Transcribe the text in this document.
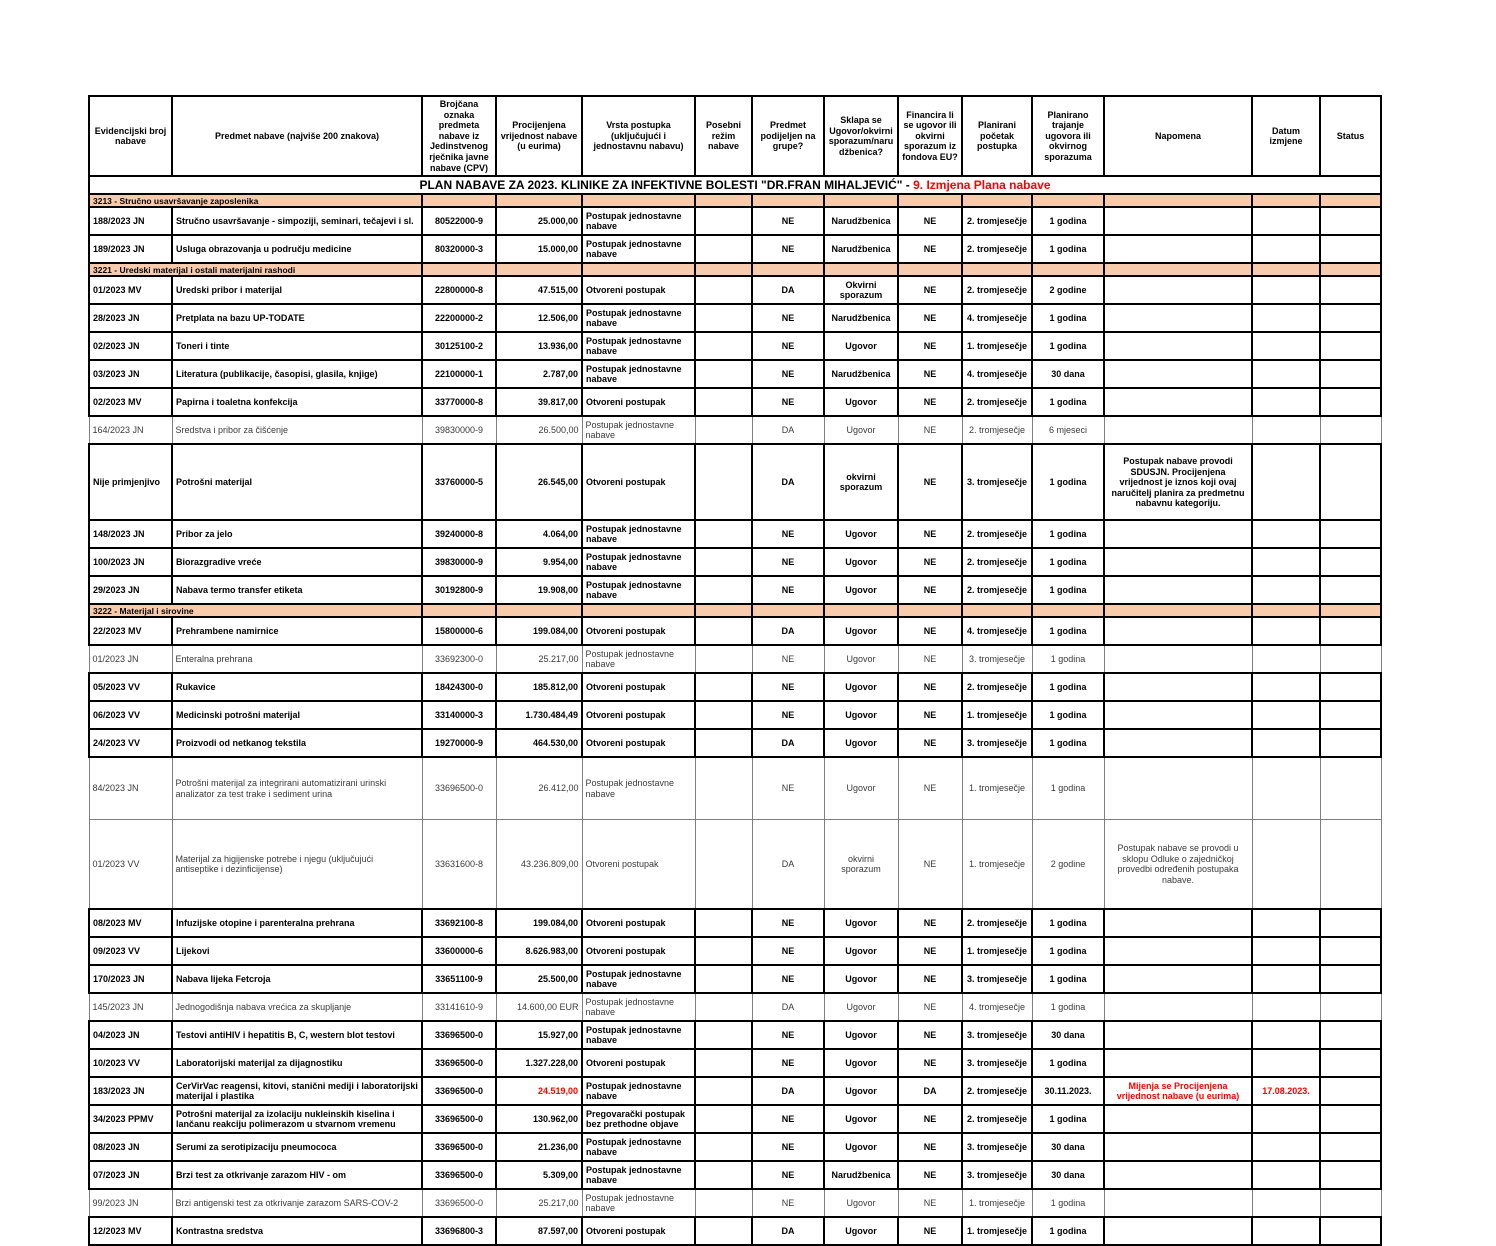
PLAN NABAVE ZA 2023. KLINIKE ZA INFEKTIVNE BOLESTI "DR.FRAN MIHALJEVIĆ" - 9. Izmjena Plana nabave													
Evidencijski broj nabave	Predmet nabave (najviše 200 znakova)	Brojčana oznaka predmeta nabave iz Jedinstvenog rječnika javne nabave (CPV)	Procijenjena vrijednost nabave (u eurima)	Vrsta postupka (uključujući i jednostavnu nabavu)	Posebni režim nabave	Predmet podijeljen na grupe?	Sklapa se Ugovor/okvirni sporazum/narudžbenica?	Financira li se ugovor ili okvirni sporazum iz fondova EU?	Planirani početak postupka	Planirano trajanje ugovora ili okvirnog sporazuma	Napomena	Datum izmjene	Status
3213 - Stručno usavršavanje zaposlenika													
188/2023 JN	Stručno usavršavanje - simpoziji, seminari, tečajevi i sl.	80522000-9	25.000,00	Postupak jednostavne nabave		NE	Narudžbenica	NE	2. tromjesečje	1 godina			
189/2023 JN	Usluga obrazovanja u području medicine	80320000-3	15.000,00	Postupak jednostavne nabave		NE	Narudžbenica	NE	2. tromjesečje	1 godina			
3221 - Uredski materijal i ostali materijalni rashodi													
01/2023 MV	Uredski pribor i materijal	22800000-8	47.515,00	Otvoreni postupak		DA	Okvirni sporazum	NE	2. tromjesečje	2 godine			
28/2023 JN	Pretplata na bazu UP-TODATE	22200000-2	12.506,00	Postupak jednostavne nabave		NE	Narudžbenica	NE	4. tromjesečje	1 godina			
02/2023 JN	Toneri i tinte	30125100-2	13.936,00	Postupak jednostavne nabave		NE	Ugovor	NE	1. tromjesečje	1 godina			
03/2023 JN	Literatura (publikacije, časopisi, glasila, knjige)	22100000-1	2.787,00	Postupak jednostavne nabave		NE	Narudžbenica	NE	4. tromjesečje	30 dana			
02/2023 MV	Papirna i toaletna konfekcija	33770000-8	39.817,00	Otvoreni postupak		NE	Ugovor	NE	2. tromjesečje	1 godina			
164/2023 JN	Sredstva i pribor za čišćenje	39830000-9	26.500,00	Postupak jednostavne nabave		DA	Ugovor	NE	2. tromjesečje	6 mjeseci			
Nije primjenjivo	Potrošni materijal	33760000-5	26.545,00	Otvoreni postupak		DA	okvirni sporazum	NE	3. tromjesečje	1 godina	Postupak nabave provodi SDUSJN. Procijenjena vrijednost je iznos koji ovaj naručitelj planira za predmetnu nabavnu kategoriju.		
148/2023 JN	Pribor za jelo	39240000-8	4.064,00	Postupak jednostavne nabave		NE	Ugovor	NE	2. tromjesečje	1 godina			
100/2023 JN	Biorazgradive vreće	39830000-9	9.954,00	Postupak jednostavne nabave		NE	Ugovor	NE	2. tromjesečje	1 godina			
29/2023 JN	Nabava termo transfer etiketa	30192800-9	19.908,00	Postupak jednostavne nabave		NE	Ugovor	NE	2. tromjesečje	1 godina			
3222 - Materijal i sirovine													
22/2023 MV	Prehrambene namirnice	15800000-6	199.084,00	Otvoreni postupak		DA	Ugovor	NE	4. tromjesečje	1 godina			
01/2023 JN	Enteralna prehrana	33692300-0	25.217,00	Postupak jednostavne nabave		NE	Ugovor	NE	3. tromjesečje	1 godina			
05/2023 VV	Rukavice	18424300-0	185.812,00	Otvoreni postupak		NE	Ugovor	NE	2. tromjesečje	1 godina			
06/2023 VV	Medicinski potrošni materijal	33140000-3	1.730.484,49	Otvoreni postupak		NE	Ugovor	NE	1. tromjesečje	1 godina			
24/2023 VV	Proizvodi od netkanog tekstila	19270000-9	464.530,00	Otvoreni postupak		DA	Ugovor	NE	3. tromjesečje	1 godina			
84/2023 JN	Potrošni materijal za integrirani automatizirani urinski analizator za test trake i sediment urina	33696500-0	26.412,00	Postupak jednostavne nabave		NE	Ugovor	NE	1. tromjesečje	1 godina			
01/2023 VV	Materijal za higijenske potrebe i njegu (uključujući antiseptike i dezinficijense)	33631600-8	43.236.809,00	Otvoreni postupak		DA	okvirni sporazum	NE	1. tromjesečje	2 godine	Postupak nabave se provodi u sklopu Odluke o zajedničkoj provedbi određenih postupaka nabave.		
08/2023 MV	Infuzijske otopine i parenteralna prehrana	33692100-8	199.084,00	Otvoreni postupak		NE	Ugovor	NE	2. tromjesečje	1 godina			
09/2023 VV	Lijekovi	33600000-6	8.626.983,00	Otvoreni postupak		NE	Ugovor	NE	1. tromjesečje	1 godina			
170/2023 JN	Nabava lijeka Fetcroja	33651100-9	25.500,00	Postupak jednostavne nabave		NE	Ugovor	NE	3. tromjesečje	1 godina			
145/2023 JN	Jednogodišnja nabava vrećica za skupljanje	33141610-9	14.600,00 EUR	Postupak jednostavne nabave		DA	Ugovor	NE	4. tromjesečje	1 godina			
04/2023 JN	Testovi antiHIV i hepatitis B, C, western blot testovi	33696500-0	15.927,00	Postupak jednostavne nabave		NE	Ugovor	NE	3. tromjesečje	30 dana			
10/2023 VV	Laboratorijski materijal za dijagnostiku	33696500-0	1.327.228,00	Otvoreni postupak		NE	Ugovor	NE	3. tromjesečje	1 godina			
183/2023 JN	CerVirVac reagensi, kitovi, stanični mediji i laboratorijski materijal i plastika	33696500-0	24.519,00	Postupak jednostavne nabave		DA	Ugovor	DA	2. tromjesečje	30.11.2023.	Mijenja se Procijenjena vrijednost nabave (u eurima)	17.08.2023.	
34/2023 PPMV	Potrošni materijal za izolaciju nukleinskih kiselina i lančanu reakciju polimerazom u stvarnom vremenu	33696500-0	130.962,00	Pregovarački postupak bez prethodne objave		NE	Ugovor	NE	2. tromjesečje	1 godina			
08/2023 JN	Serumi za serotipizaciju pneumococa	33696500-0	21.236,00	Postupak jednostavne nabave		NE	Ugovor	NE	3. tromjesečje	30 dana			
07/2023 JN	Brzi test za otkrivanje zarazom HIV - om	33696500-0	5.309,00	Postupak jednostavne nabave		NE	Narudžbenica	NE	3. tromjesečje	30 dana			
99/2023 JN	Brzi antigenski test za otkrivanje zarazom SARS-COV-2	33696500-0	25.217,00	Postupak jednostavne nabave		NE	Ugovor	NE	1. tromjesečje	1 godina			
12/2023 MV	Kontrastna sredstva	33696800-3	87.597,00	Otvoreni postupak		DA	Ugovor	NE	1. tromjesečje	1 godina			
